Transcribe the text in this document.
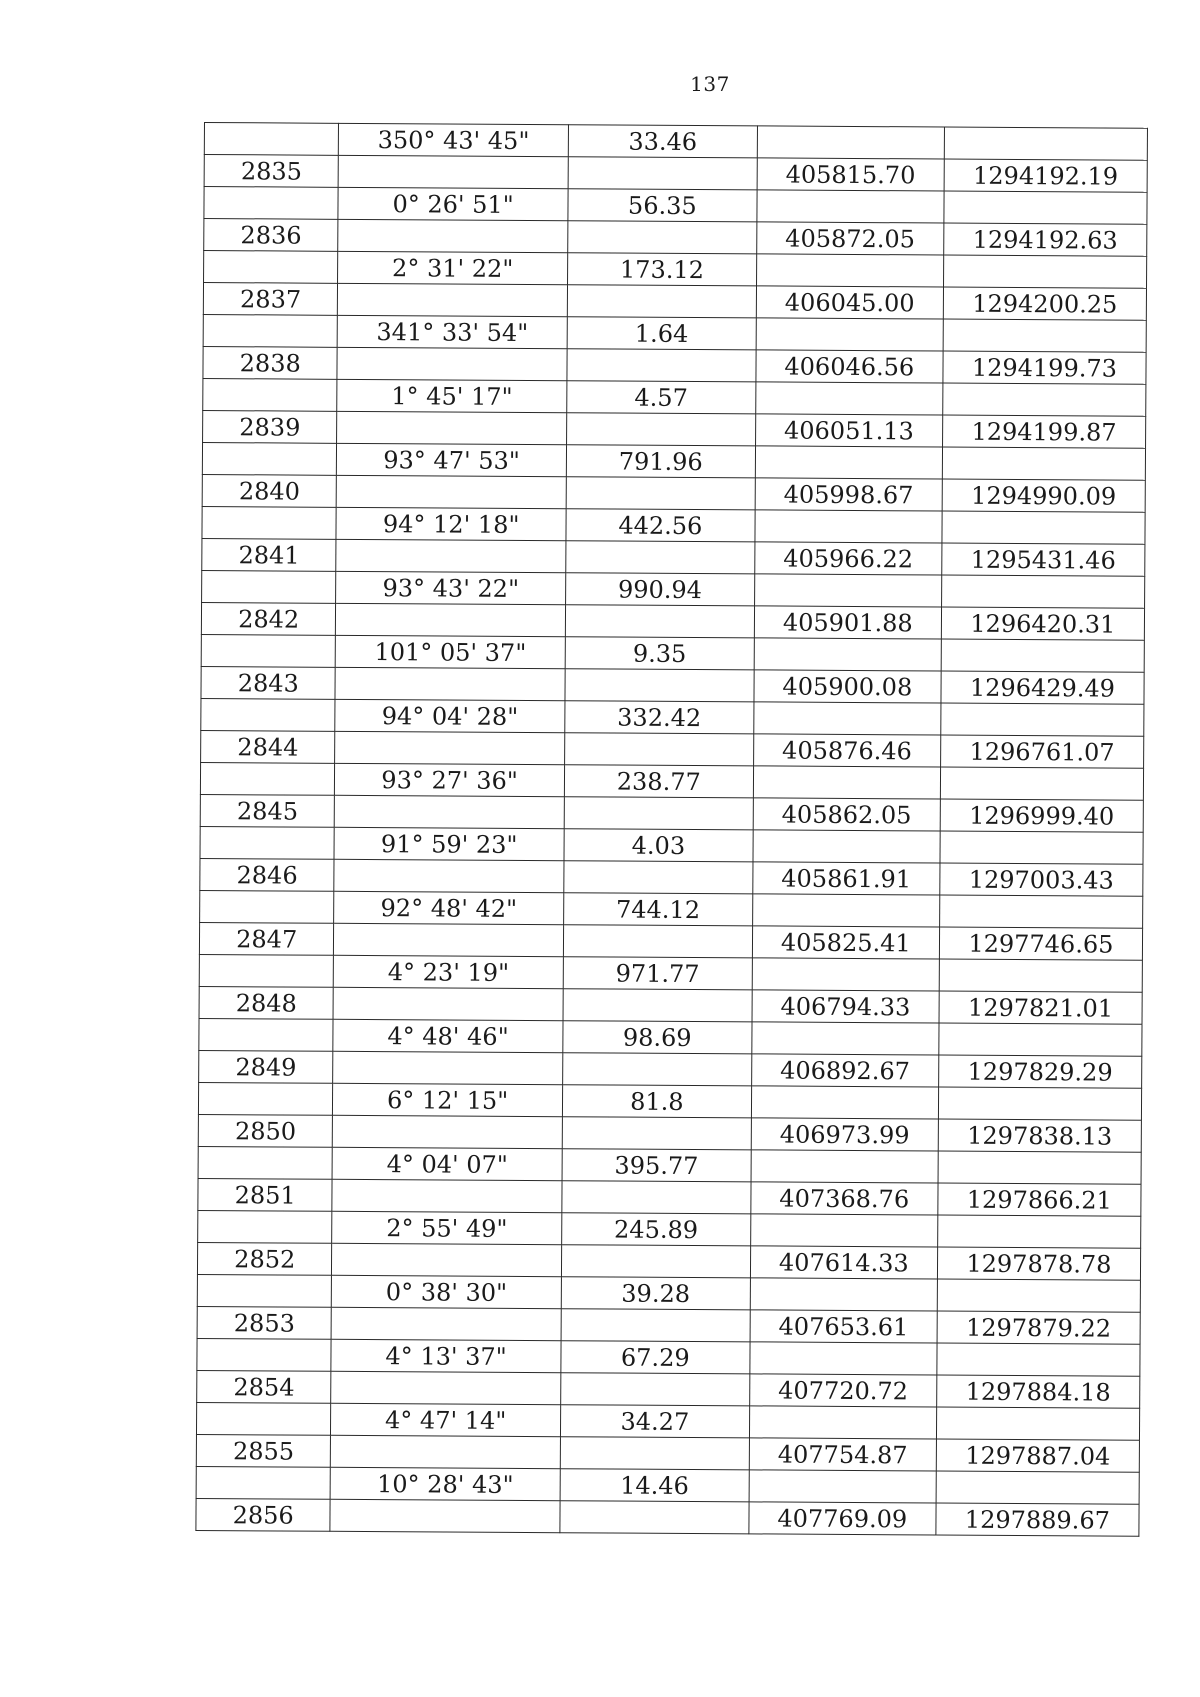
137
	350° 43' 45"	33.46		
2835			405815.70	1294192.19
	0° 26' 51"	56.35		
2836			405872.05	1294192.63
	2° 31' 22"	173.12		
2837			406045.00	1294200.25
	341° 33' 54"	1.64		
2838			406046.56	1294199.73
	1° 45' 17"	4.57		
2839			406051.13	1294199.87
	93° 47' 53"	791.96		
2840			405998.67	1294990.09
	94° 12' 18"	442.56		
2841			405966.22	1295431.46
	93° 43' 22"	990.94		
2842			405901.88	1296420.31
	101° 05' 37"	9.35		
2843			405900.08	1296429.49
	94° 04' 28"	332.42		
2844			405876.46	1296761.07
	93° 27' 36"	238.77		
2845			405862.05	1296999.40
	91° 59' 23"	4.03		
2846			405861.91	1297003.43
	92° 48' 42"	744.12		
2847			405825.41	1297746.65
	4° 23' 19"	971.77		
2848			406794.33	1297821.01
	4° 48' 46"	98.69		
2849			406892.67	1297829.29
	6° 12' 15"	81.8		
2850			406973.99	1297838.13
	4° 04' 07"	395.77		
2851			407368.76	1297866.21
	2° 55' 49"	245.89		
2852			407614.33	1297878.78
	0° 38' 30"	39.28		
2853			407653.61	1297879.22
	4° 13' 37"	67.29		
2854			407720.72	1297884.18
	4° 47' 14"	34.27		
2855			407754.87	1297887.04
	10° 28' 43"	14.46		
2856			407769.09	1297889.67
